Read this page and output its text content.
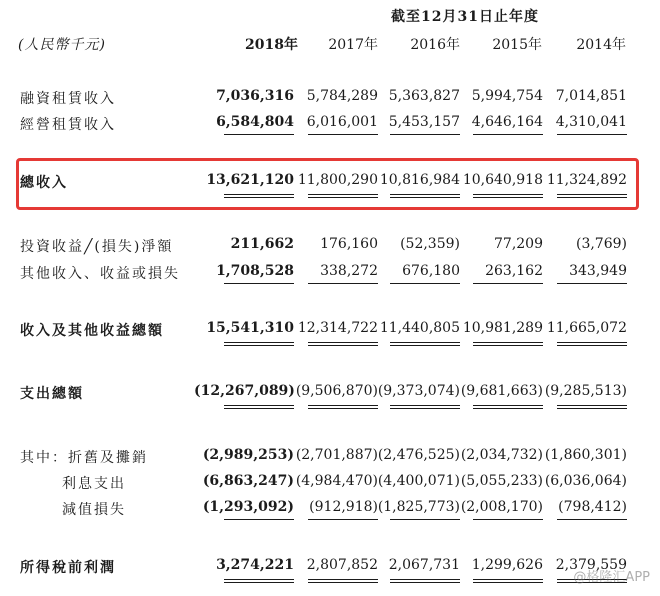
截至12月31日止年度
(人民幣千元)	2018年	2017年	2016年	2015年	2014年
融資租賃收入	7,036,316 5,784,289 5,363,827 5,994,754 7,014,851
經營租賃收入	6,584,804 6,016,001 5,453,157 4,646,164 4,310,041
總收入	13,621,120 11,800,290 10,816,984 10,640,918 11,324,892
投資收益╱(損失)淨額	211,662	176,160	(52,359)	77,209	(3,769)
其他收入、收益或損失	1,708,528	338,272	676,180	263,162	343,949
收入及其他收益總額	15,541,310 12,314,722 11,440,805 10,981,289 11,665,072
支出總額	(12,267,089) (9,506,870) (9,373,074) (9,681,663) (9,285,513)
其中：折舊及攤銷	(2,989,253) (2,701,887) (2,476,525) (2,034,732) (1,860,301)
利息支出	(6,863,247) (4,984,470) (4,400,071) (5,055,233) (6,036,064)
減值損失	(1,293,092)	(912,918) (1,825,773) (2,008,170)	(798,412)
所得稅前利潤	3,274,221 2,807,852 2,067,731 1,299,626 2,379,559
@格隆汇APP
